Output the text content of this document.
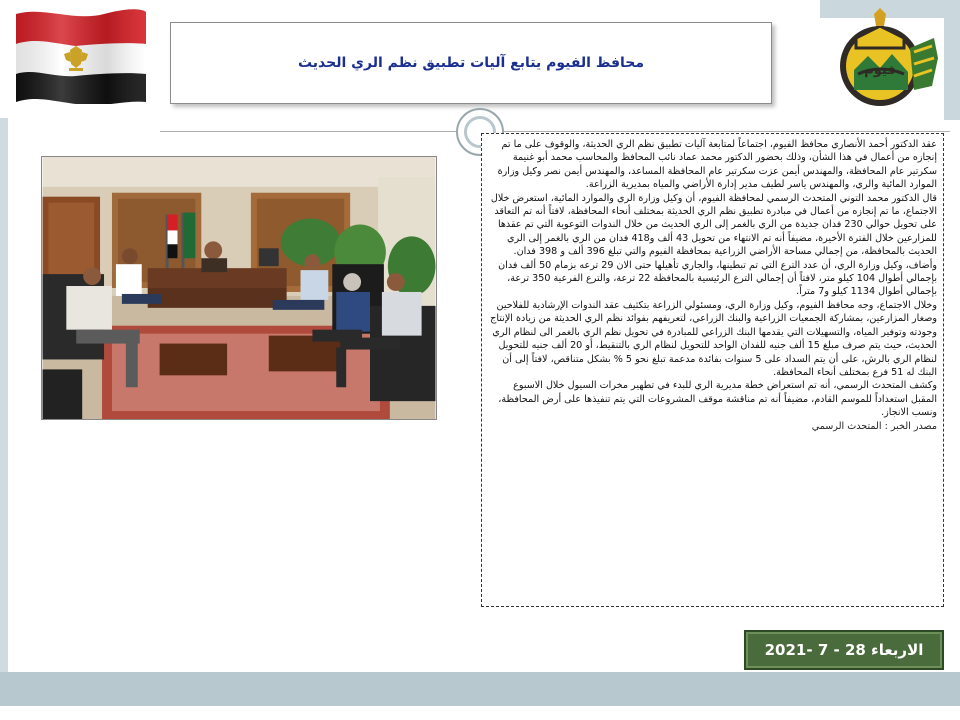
فيوم
محافظ الفيوم يتابع آليات تطبيق نظم الري الحديث

عقد الدكتور أحمد الأنصاري محافظ الفيوم، اجتماعاً لمتابعة آليات تطبيق نظم الري الحديثة، والوقوف على ما تم إنجازه من أعمال في هذا الشأن، وذلك بحضور الدكتور محمد عماد نائب المحافظ والمحاسب محمد أبو غنيمة سكرتير عام المحافظة، والمهندس أيمن عزت سكرتير عام المحافظة المساعد، والمهندس أيمن نصر وكيل وزارة الموارد المائية والري، والمهندس ياسر لطيف مدير إدارة الأراضي والمياه بمديرية الزراعة.

قال الدكتور محمد التوني المتحدث الرسمي لمحافظة الفيوم، أن وكيل وزارة الري والموارد المائية، استعرض خلال الاجتماع، ما تم إنجازه من أعمال في مبادرة تطبيق نظم الري الحديثة بمختلف أنحاء المحافظة، لافتاً أنه تم التعاقد على تحويل حوالي 230 فدان جديدة من الري بالغمر إلى الري الحديث من خلال الندوات التوعوية التي تم عقدها للمزارعين خلال الفترة الأخيرة، مضيفاً أنه تم الانتهاء من تحويل 43 ألف و418 فدان من الري بالغمر إلى الري الحديث بالمحافظة، من إجمالي مساحة الأراضي الزراعية بمحافظة الفيوم والتي تبلغ 396 ألف و 398 فدان.

وأضاف، وكيل وزارة الري، أن عدد الترع التي تم تبطينها، والجاري تأهيلها حتى الان 29 ترعه بزمام 50 ألف فدان بإجمالي أطوال 104 كيلو متر، لافتاً أن إجمالي الترع الرئيسية بالمحافظة 22 ترعة، والترع الفرعية 350 ترعة، بإجمالي أطوال 1134 كيلو و7 متراً.

وخلال الاجتماع، وجه محافظ الفيوم، وكيل وزارة الري، ومسئولي الزراعة بتكثيف عقد الندوات الإرشادية للفلاحين وصغار المزارعين، بمشاركة الجمعيات الزراعية والبنك الزراعي، لتعريفهم بفوائد نظم الري الحديثة من زيادة الإنتاج وجودته وتوفير المياه، والتسهيلات التي يقدمها البنك الزراعي للمبادرة في تحويل نظم الري بالغمر الى لنظام الري الحديث، حيث يتم صرف مبلغ 15 ألف جنيه للفدان الواحد للتحويل لنظام الري بالتنقيط، أو 20 ألف جنيه للتحويل لنظام الري بالرش، على أن يتم السداد على 5 سنوات بفائدة مدعمة تبلغ نحو 5 % بشكل متناقص، لافتاً إلى أن البنك له 51 فرع بمختلف أنحاء المحافظة.

وكشف المتحدث الرسمي، أنه تم استعراض خطة مديرية الري للبدء في تطهير مخرات السيول خلال الاسبوع المقبل استعداداً للموسم القادم، مضيفاً أنه تم مناقشة موقف المشروعات التي يتم تنفيذها على أرض المحافظة، ونسب الانجاز.

مصدر الخبر : المتحدث الرسمي

الاربعاء 28 - 7 -2021
